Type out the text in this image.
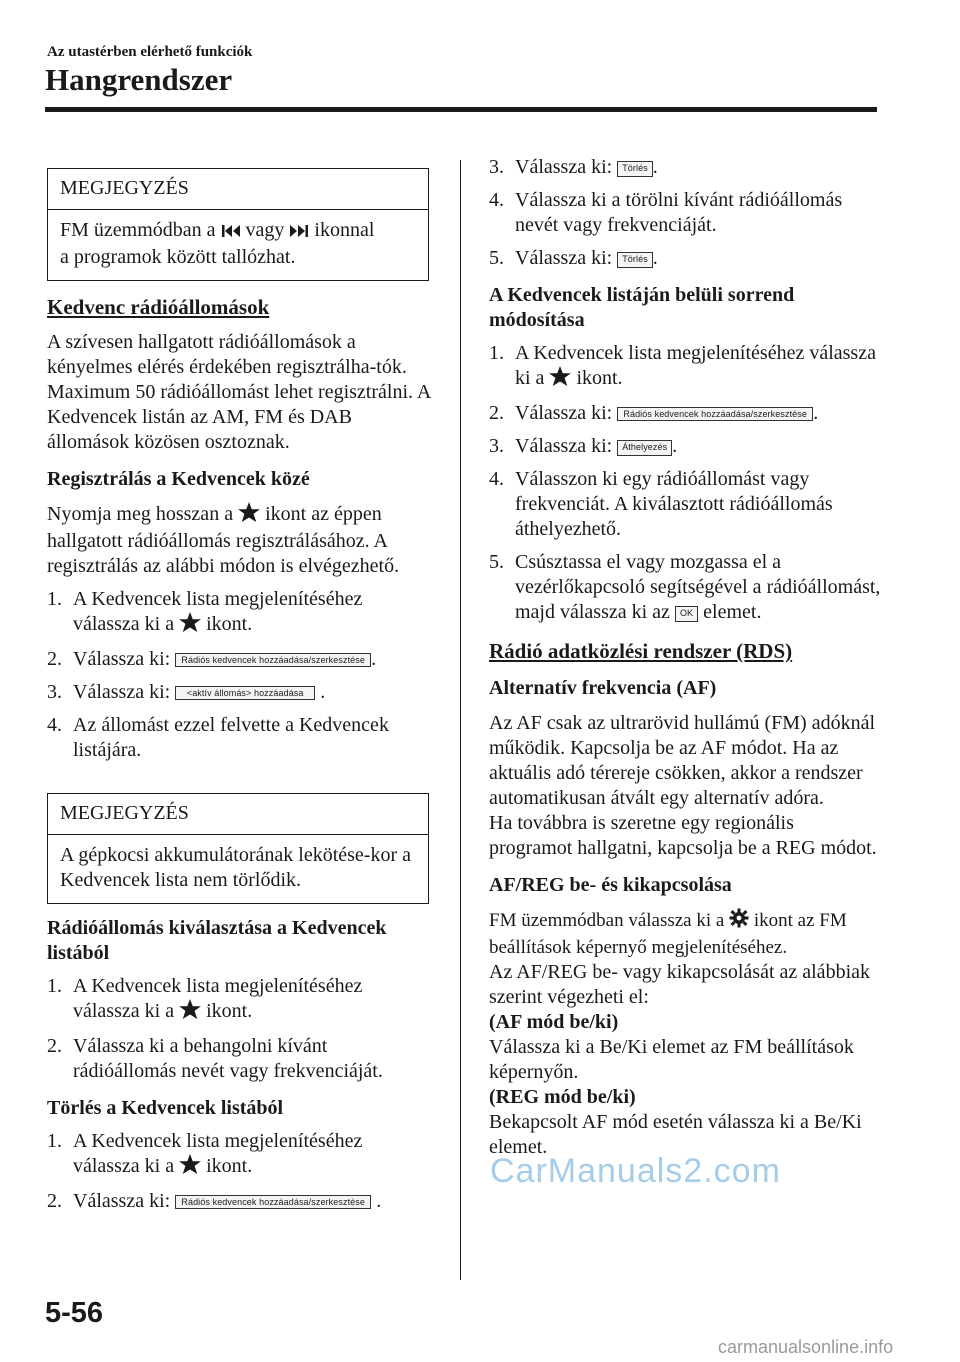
Az utastérben elérhető funkciók
Hangrendszer
MEGJEGYZÉS
FM üzemmódban a vagy ikonnal
a programok között tallózhat.
Kedvenc rádióállomások

A szívesen hallgatott rádióállomások a kényelmes elérés érdekében regisztrálha-tók. Maximum 50 rádióállomást lehet regisztrálni. A Kedvencek listán az AM, FM és DAB állomások közösen osztoznak.

Regisztrálás a Kedvencek közé

Nyomja meg hosszan a ikont az éppen hallgatott rádióállomás regisztrálásához. A regisztrálás az alábbi módon is elvégezhető.

1. A Kedvencek lista megjelenítéséhez válassza ki a ikont.
2. Válassza ki: Rádiós kedvencek hozzáadása/szerkesztése .
3. Válassza ki: <aktív állomás> hozzáadása .
4. Az állomást ezzel felvette a Kedvencek listájára.
MEGJEGYZÉS
A gépkocsi akkumulátorának lekötése-kor a Kedvencek lista nem törlődik.
Rádióállomás kiválasztása a Kedvencek listából
1. A Kedvencek lista megjelenítéséhez válassza ki a ikont.
2. Válassza ki a behangolni kívánt rádióállomás nevét vagy frekvenciáját.
Törlés a Kedvencek listából
1. A Kedvencek lista megjelenítéséhez válassza ki a ikont.
2. Válassza ki: Rádiós kedvencek hozzáadása/szerkesztése .
3. Válassza ki: Törlés .
4. Válassza ki a törölni kívánt rádióállomás nevét vagy frekvenciáját.
5. Válassza ki: Törlés .
A Kedvencek listáján belüli sorrend módosítása
1. A Kedvencek lista megjelenítéséhez válassza ki a ikont.
2. Válassza ki: Rádiós kedvencek hozzáadása/szerkesztése .
3. Válassza ki: Áthelyezés .
4. Válasszon ki egy rádióállomást vagy frekvenciát. A kiválasztott rádióállomás áthelyezhető.
5. Csúsztassa el vagy mozgassa el a vezérlőkapcsoló segítségével a rádióállomást, majd válassza ki az OK elemet.
Rádió adatközlési rendszer (RDS)
Alternatív frekvencia (AF)

Az AF csak az ultrarövid hullámú (FM) adóknál működik. Kapcsolja be az AF módot. Ha az aktuális adó térereje csökken, akkor a rendszer automatikusan átvált egy alternatív adóra.

Ha továbbra is szeretne egy regionális programot hallgatni, kapcsolja be a REG módot.
AF/REG be- és kikapcsolása

FM üzemmódban válassza ki a ikont az FM beállítások képernyő megjelenítéséhez.

Az AF/REG be- vagy kikapcsolását az alábbiak szerint végezheti el:
(AF mód be/ki)
Válassza ki a Be/Ki elemet az FM beállítások képernyőn.
(REG mód be/ki)
Bekapcsolt AF mód esetén válassza ki a Be/Ki elemet.
CarManuals2.com
5-56
carmanualsonline.info
